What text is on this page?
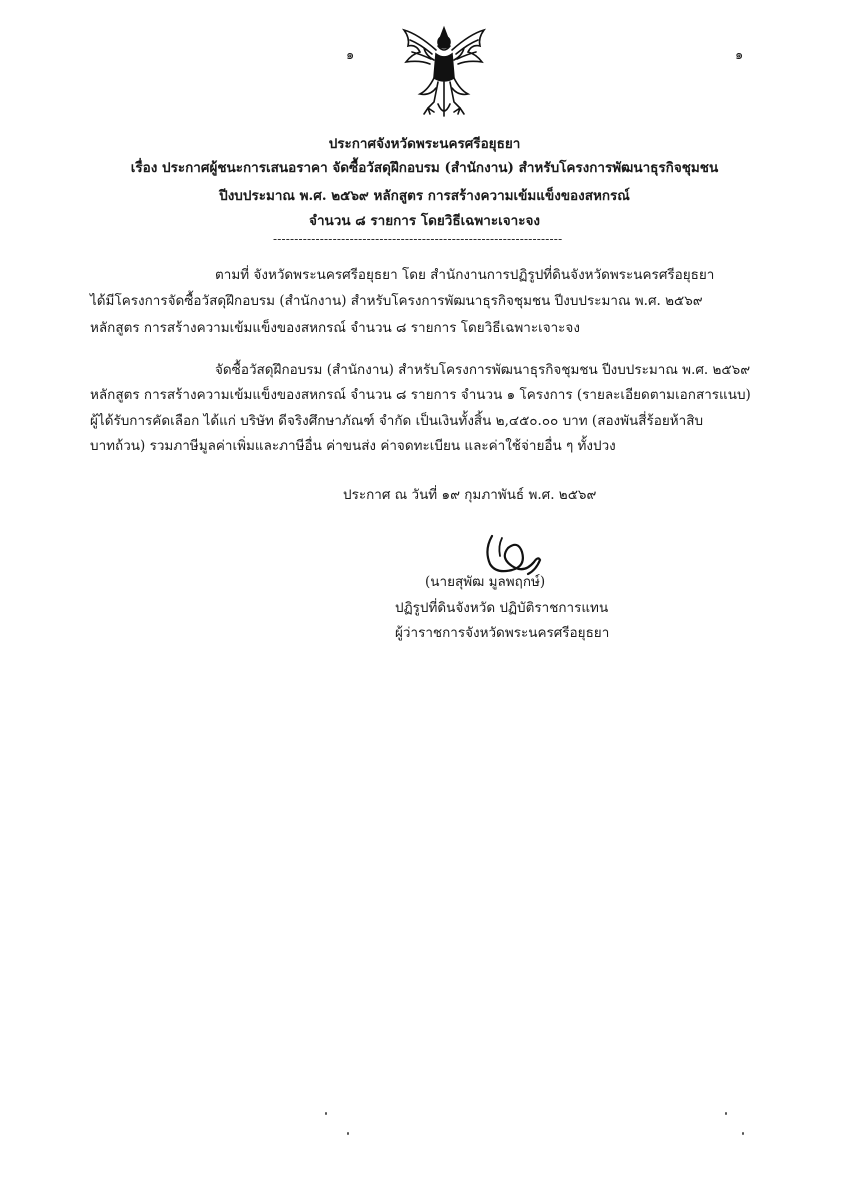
๑	๑
ประกาศจังหวัดพระนครศรีอยุธยา
เรื่อง ประกาศผู้ชนะการเสนอราคา จัดซื้อวัสดุฝึกอบรม (สำนักงาน) สำหรับโครงการพัฒนาธุรกิจชุมชน
ปีงบประมาณ พ.ศ. ๒๕๖๙ หลักสูตร การสร้างความเข้มแข็งของสหกรณ์
จำนวน ๘ รายการ โดยวิธีเฉพาะเจาะจง
--------------------------------------------------------------------
ตามที่ จังหวัดพระนครศรีอยุธยา โดย สำนักงานการปฏิรูปที่ดินจังหวัดพระนครศรีอยุธยา
ได้มีโครงการจัดซื้อวัสดุฝึกอบรม (สำนักงาน) สำหรับโครงการพัฒนาธุรกิจชุมชน ปีงบประมาณ พ.ศ. ๒๕๖๙
หลักสูตร การสร้างความเข้มแข็งของสหกรณ์ จำนวน ๘ รายการ โดยวิธีเฉพาะเจาะจง
จัดซื้อวัสดุฝึกอบรม (สำนักงาน) สำหรับโครงการพัฒนาธุรกิจชุมชน ปีงบประมาณ พ.ศ. ๒๕๖๙
หลักสูตร การสร้างความเข้มแข็งของสหกรณ์ จำนวน ๘ รายการ จำนวน ๑ โครงการ (รายละเอียดตามเอกสารแนบ)
ผู้ได้รับการคัดเลือก ได้แก่ บริษัท ดีจริงศึกษาภัณฑ์ จำกัด เป็นเงินทั้งสิ้น ๒,๔๕๐.๐๐ บาท (สองพันสี่ร้อยห้าสิบ
บาทถ้วน) รวมภาษีมูลค่าเพิ่มและภาษีอื่น ค่าขนส่ง ค่าจดทะเบียน และค่าใช้จ่ายอื่น ๆ ทั้งปวง
ประกาศ ณ วันที่ ๑๙ กุมภาพันธ์ พ.ศ. ๒๕๖๙
(นายสุพัฒ มูลพฤกษ์)
ปฏิรูปที่ดินจังหวัด ปฏิบัติราชการแทน
ผู้ว่าราชการจังหวัดพระนครศรีอยุธยา
